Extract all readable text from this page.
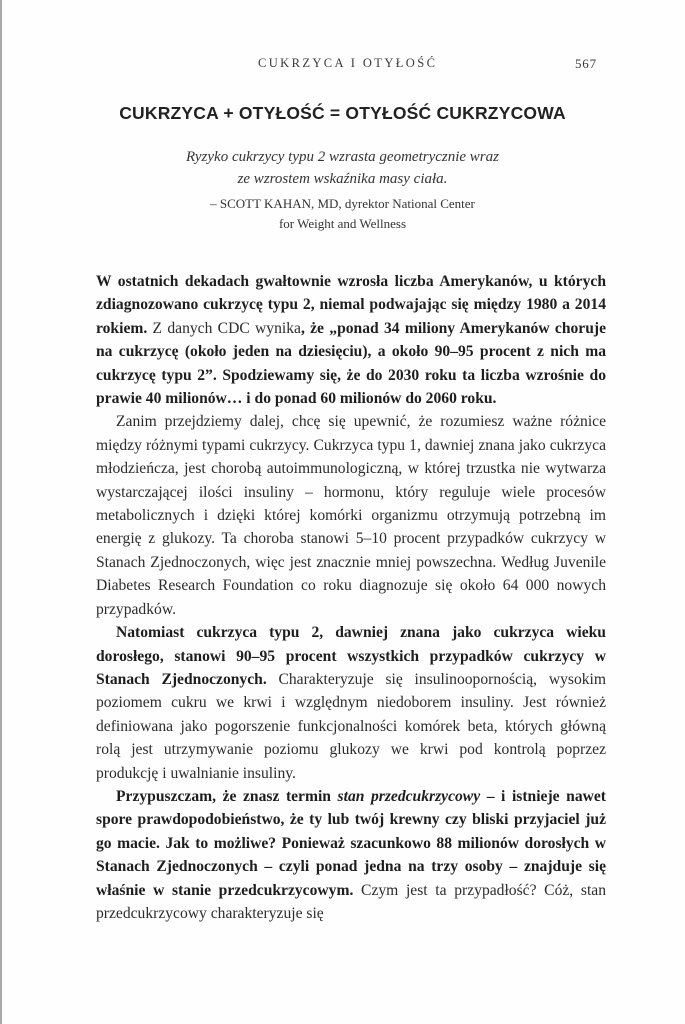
CUKRZYCA I OTYŁOŚĆ	567
CUKRZYCA + OTYŁOŚĆ = OTYŁOŚĆ CUKRZYCOWA
Ryzyko cukrzycy typu 2 wzrasta geometrycznie wraz
ze wzrostem wskaźnika masy ciała.
– SCOTT KAHAN, MD, dyrektor National Center
for Weight and Wellness

W ostatnich dekadach gwałtownie wzrosła liczba Amerykanów, u których zdiagnozowano cukrzycę typu 2, niemal podwajając się między 1980 a 2014 rokiem. Z danych CDC wynika, że „ponad 34 miliony Amerykanów choruje na cukrzycę (około jeden na dziesięciu), a około 90–95 procent z nich ma cukrzycę typu 2”. Spodziewamy się, że do 2030 roku ta liczba wzrośnie do prawie 40 milionów… i do ponad 60 milionów do 2060 roku.

Zanim przejdziemy dalej, chcę się upewnić, że rozumiesz ważne różnice między różnymi typami cukrzycy. Cukrzyca typu 1, dawniej znana jako cukrzyca młodzieńcza, jest chorobą autoimmunologiczną, w której trzustka nie wytwarza wystarczającej ilości insuliny – hormonu, który reguluje wiele procesów metabolicznych i dzięki której komórki organizmu otrzymują potrzebną im energię z glukozy. Ta choroba stanowi 5–10 procent przypadków cukrzycy w Stanach Zjednoczonych, więc jest znacznie mniej powszechna. Według Juvenile Diabetes Research Foundation co roku diagnozuje się około 64 000 nowych przypadków.

Natomiast cukrzyca typu 2, dawniej znana jako cukrzyca wieku dorosłego, stanowi 90–95 procent wszystkich przypadków cukrzycy w Stanach Zjednoczonych. Charakteryzuje się insulinoopornością, wysokim poziomem cukru we krwi i względnym niedoborem insuliny. Jest również definiowana jako pogorszenie funkcjonalności komórek beta, których główną rolą jest utrzymywanie poziomu glukozy we krwi pod kontrolą poprzez produkcję i uwalnianie insuliny.

Przypuszczam, że znasz termin stan przedcukrzycowy – i istnieje nawet spore prawdopodobieństwo, że ty lub twój krewny czy bliski przyjaciel już go macie. Jak to możliwe? Ponieważ szacunkowo 88 milionów dorosłych w Stanach Zjednoczonych – czyli ponad jedna na trzy osoby – znajduje się właśnie w stanie przedcukrzycowym. Czym jest ta przypadłość? Cóż, stan przedcukrzycowy charakteryzuje się
